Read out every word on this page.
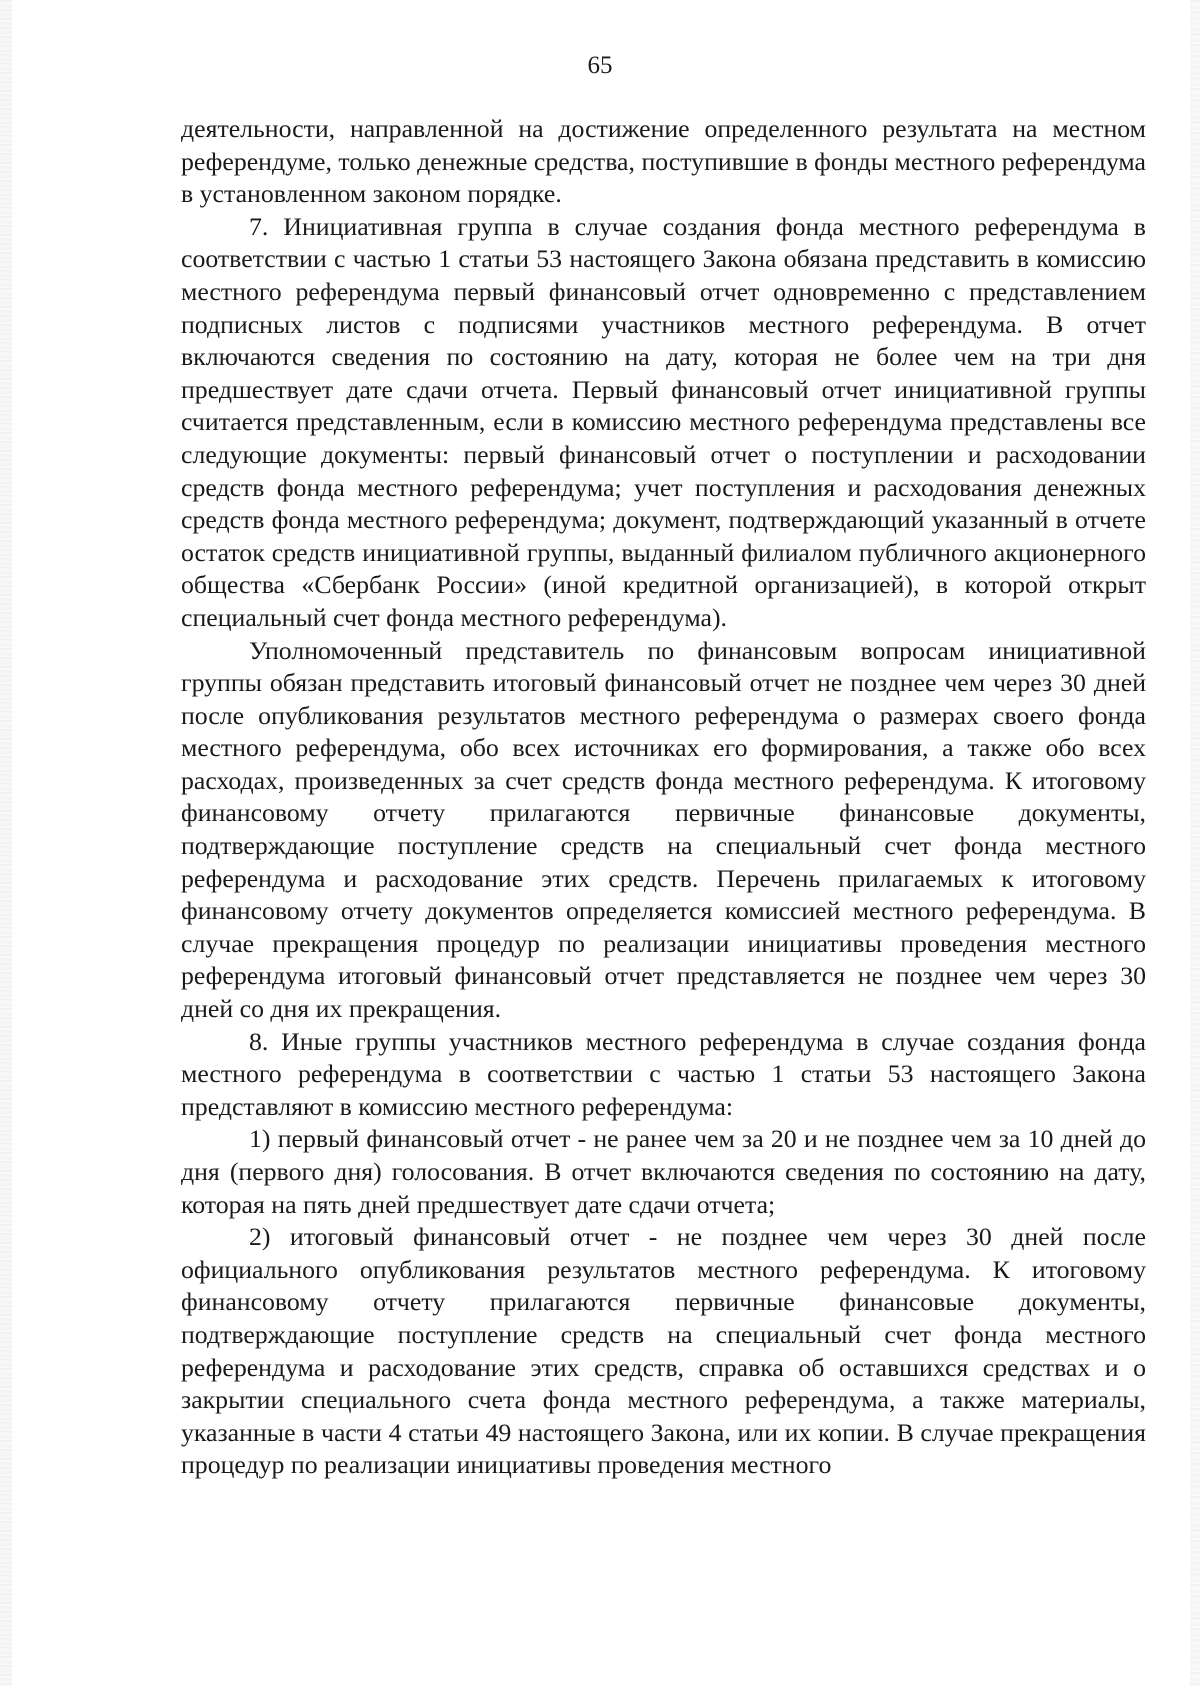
65

деятельности, направленной на достижение определенного результата на местном референдуме, только денежные средства, поступившие в фонды местного референдума в установленном законом порядке.

7. Инициативная группа в случае создания фонда местного референдума в соответствии с частью 1 статьи 53 настоящего Закона обязана представить в комиссию местного референдума первый финансовый отчет одновременно с представлением подписных листов с подписями участников местного референдума. В отчет включаются сведения по состоянию на дату, которая не более чем на три дня предшествует дате сдачи отчета. Первый финансовый отчет инициативной группы считается представленным, если в комиссию местного референдума представлены все следующие документы: первый финансовый отчет о поступлении и расходовании средств фонда местного референдума; учет поступления и расходования денежных средств фонда местного референдума; документ, подтверждающий указанный в отчете остаток средств инициативной группы, выданный филиалом публичного акционерного общества «Сбербанк России» (иной кредитной организацией), в которой открыт специальный счет фонда местного референдума).

Уполномоченный представитель по финансовым вопросам инициативной группы обязан представить итоговый финансовый отчет не позднее чем через 30 дней после опубликования результатов местного референдума о размерах своего фонда местного референдума, обо всех источниках его формирования, а также обо всех расходах, произведенных за счет средств фонда местного референдума. К итоговому финансовому отчету прилагаются первичные финансовые документы, подтверждающие поступление средств на специальный счет фонда местного референдума и расходование этих средств. Перечень прилагаемых к итоговому финансовому отчету документов определяется комиссией местного референдума. В случае прекращения процедур по реализации инициативы проведения местного референдума итоговый финансовый отчет представляется не позднее чем через 30 дней со дня их прекращения.

8. Иные группы участников местного референдума в случае создания фонда местного референдума в соответствии с частью 1 статьи 53 настоящего Закона представляют в комиссию местного референдума:

1) первый финансовый отчет - не ранее чем за 20 и не позднее чем за 10 дней до дня (первого дня) голосования. В отчет включаются сведения по состоянию на дату, которая на пять дней предшествует дате сдачи отчета;

2) итоговый финансовый отчет - не позднее чем через 30 дней после официального опубликования результатов местного референдума. К итоговому финансовому отчету прилагаются первичные финансовые документы, подтверждающие поступление средств на специальный счет фонда местного референдума и расходование этих средств, справка об оставшихся средствах и о закрытии специального счета фонда местного референдума, а также материалы, указанные в части 4 статьи 49 настоящего Закона, или их копии. В случае прекращения процедур по реализации инициативы проведения местного
